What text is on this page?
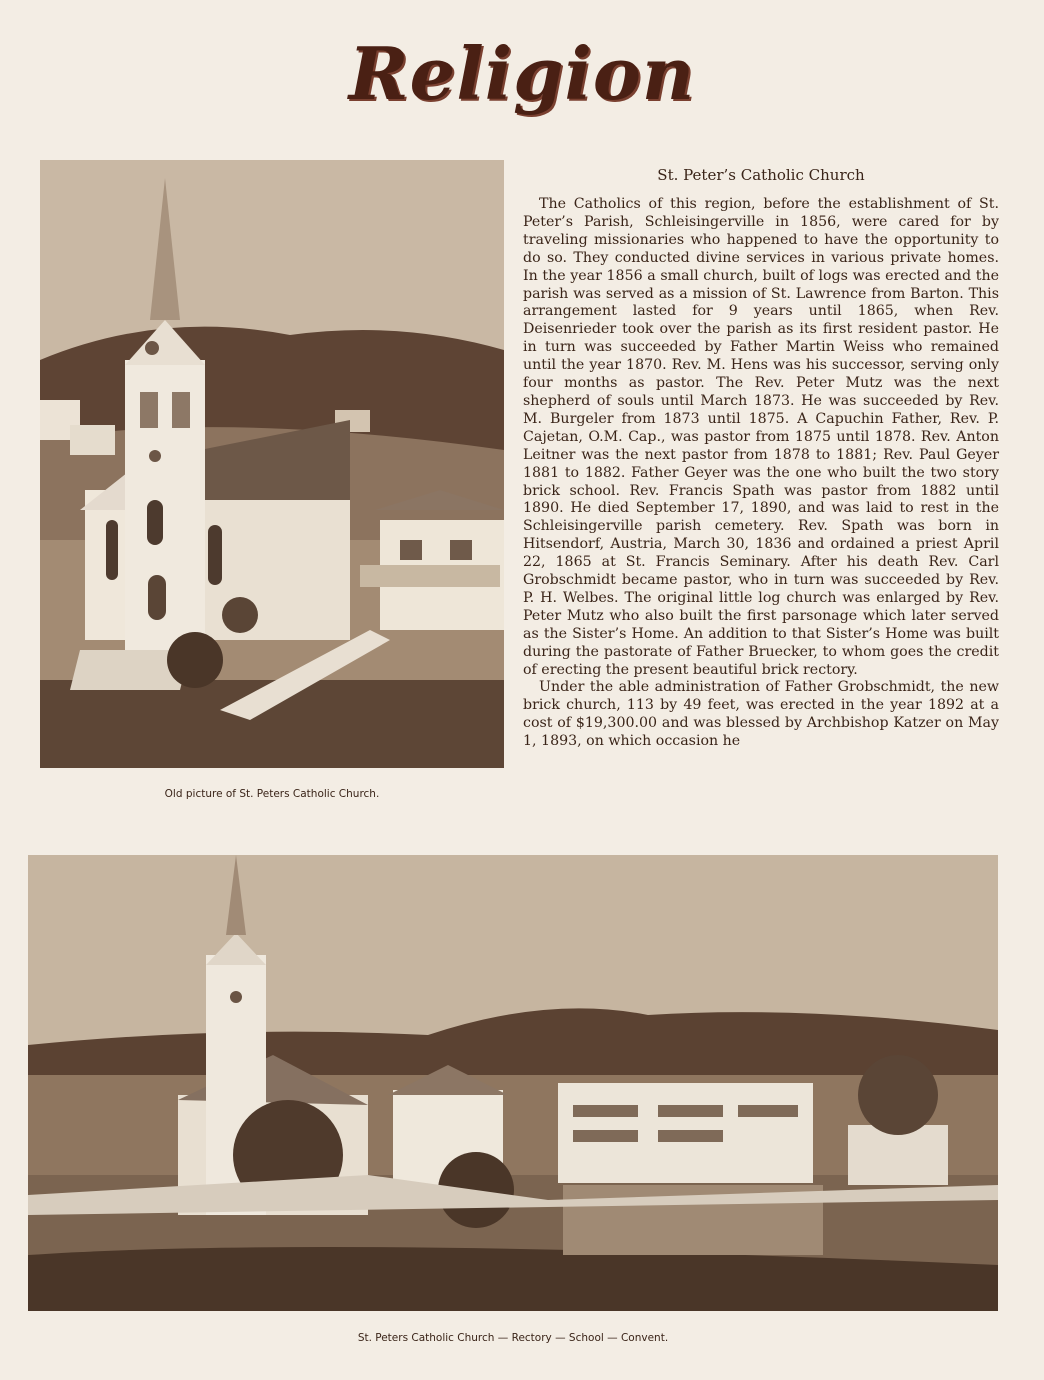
Religion
Old picture of St. Peters Catholic Church.
St. Peter’s Catholic Church

The Catholics of this region, before the establishment of St. Peter’s Parish, Schleisingerville in 1856, were cared for by traveling missionaries who happened to have the opportunity to do so. They conducted divine services in various private homes. In the year 1856 a small church, built of logs was erected and the parish was served as a mission of St. Lawrence from Barton. This arrangement lasted for 9 years until 1865, when Rev. Deisenrieder took over the parish as its first resident pastor. He in turn was succeeded by Father Martin Weiss who remained until the year 1870. Rev. M. Hens was his successor, serving only four months as pastor. The Rev. Peter Mutz was the next shepherd of souls until March 1873. He was succeeded by Rev. M. Burgeler from 1873 until 1875. A Capuchin Father, Rev. P. Cajetan, O.M. Cap., was pastor from 1875 until 1878. Rev. Anton Leitner was the next pastor from 1878 to 1881; Rev. Paul Geyer 1881 to 1882. Father Geyer was the one who built the two story brick school. Rev. Francis Spath was pastor from 1882 until 1890. He died September 17, 1890, and was laid to rest in the Schleisingerville parish cemetery. Rev. Spath was born in Hitsendorf, Austria, March 30, 1836 and ordained a priest April 22, 1865 at St. Francis Seminary. After his death Rev. Carl Grobschmidt became pastor, who in turn was succeeded by Rev. P. H. Welbes. The original little log church was enlarged by Rev. Peter Mutz who also built the first parsonage which later served as the Sister’s Home. An addition to that Sister’s Home was built during the pastorate of Father Bruecker, to whom goes the credit of erecting the present beautiful brick rectory.

Under the able administration of Father Grobschmidt, the new brick church, 113 by 49 feet, was erected in the year 1892 at a cost of $19,300.00 and was blessed by Archbishop Katzer on May 1, 1893, on which occasion he

St. Peters Catholic Church — Rectory — School — Convent.
